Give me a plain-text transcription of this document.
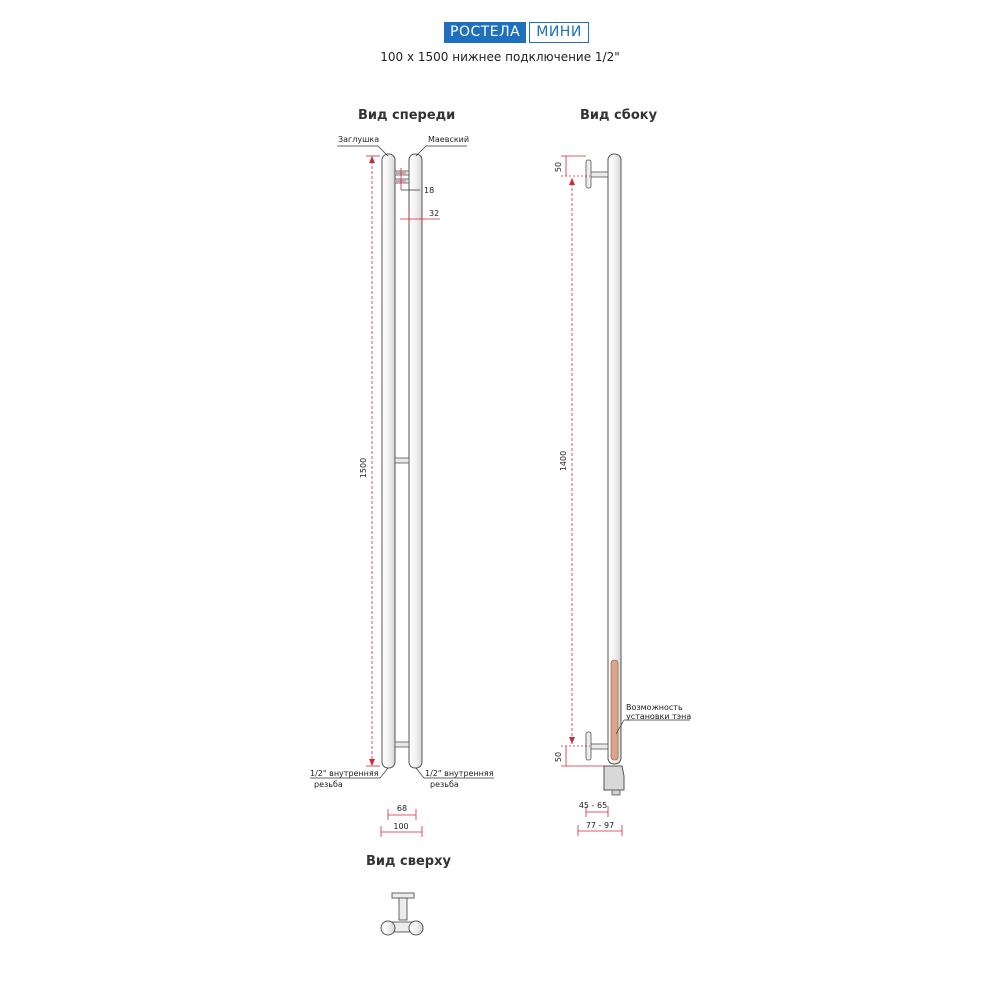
РОСТЕЛА	МИНИ
100 х 1500 нижнее подключение 1/2"
Вид спереди	Вид сбоку
Вид сверху
Заглушка	Маевский
1500
18
32
1/2" внутренняя
резьба
1/2" внутренняя
резьба
68
100
50
1400
50
Возможность
установки тэна
45 - 65
77 - 97
